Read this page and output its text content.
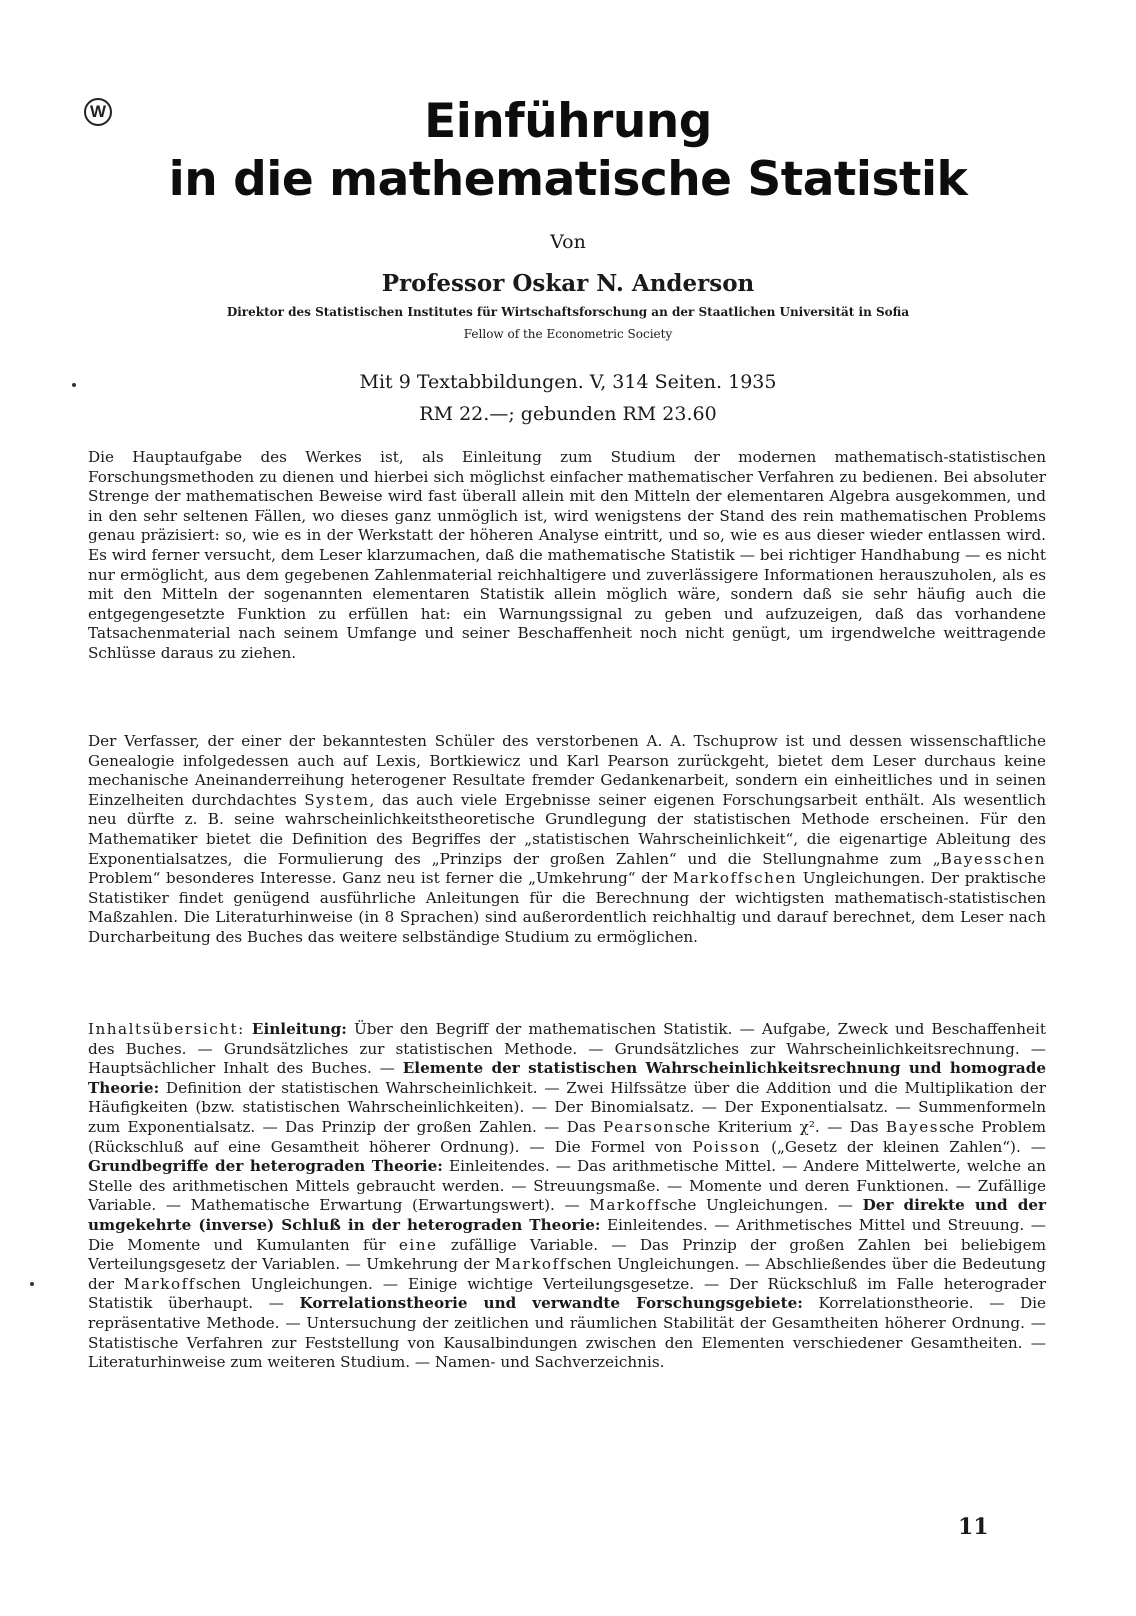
W	Einführung
in die mathematische Statistik
Von
Professor Oskar N. Anderson
Direktor des Statistischen Institutes für Wirtschaftsforschung an der Staatlichen Universität in Sofia
Fellow of the Econometric Society
Mit 9 Textabbildungen. V, 314 Seiten. 1935
RM 22.—; gebunden RM 23.60

Die Hauptaufgabe des Werkes ist, als Einleitung zum Studium der modernen mathematisch-statistischen Forschungsmethoden zu dienen und hierbei sich möglichst einfacher mathematischer Verfahren zu bedienen. Bei absoluter Strenge der mathematischen Beweise wird fast überall allein mit den Mitteln der elementaren Algebra ausgekommen, und in den sehr seltenen Fällen, wo dieses ganz unmöglich ist, wird wenigstens der Stand des rein mathematischen Problems genau präzisiert: so, wie es in der Werkstatt der höheren Analyse eintritt, und so, wie es aus dieser wieder entlassen wird. Es wird ferner versucht, dem Leser klarzumachen, daß die mathematische Statistik — bei richtiger Handhabung — es nicht nur ermöglicht, aus dem gegebenen Zahlenmaterial reichhaltigere und zuverlässigere Informationen herauszuholen, als es mit den Mitteln der sogenannten elementaren Statistik allein möglich wäre, sondern daß sie sehr häufig auch die entgegengesetzte Funktion zu erfüllen hat: ein Warnungssignal zu geben und aufzuzeigen, daß das vorhandene Tatsachenmaterial nach seinem Umfange und seiner Beschaffenheit noch nicht genügt, um irgendwelche weittragende Schlüsse daraus zu ziehen.

Der Verfasser, der einer der bekanntesten Schüler des verstorbenen A. A. Tschuprow ist und dessen wissenschaftliche Genealogie infolgedessen auch auf Lexis, Bortkiewicz und Karl Pearson zurückgeht, bietet dem Leser durchaus keine mechanische Aneinanderreihung heterogener Resultate fremder Gedankenarbeit, sondern ein einheitliches und in seinen Einzelheiten durchdachtes System, das auch viele Ergebnisse seiner eigenen Forschungsarbeit enthält. Als wesentlich neu dürfte z. B. seine wahrscheinlichkeitstheoretische Grundlegung der statistischen Methode erscheinen. Für den Mathematiker bietet die Definition des Begriffes der „statistischen Wahrscheinlichkeit“, die eigenartige Ableitung des Exponentialsatzes, die Formulierung des „Prinzips der großen Zahlen“ und die Stellungnahme zum „Bayesschen Problem“ besonderes Interesse. Ganz neu ist ferner die „Umkehrung“ der Markoffschen Ungleichungen. Der praktische Statistiker findet genügend ausführliche Anleitungen für die Berechnung der wichtigsten mathematisch-statistischen Maßzahlen. Die Literaturhinweise (in 8 Sprachen) sind außerordentlich reichhaltig und darauf berechnet, dem Leser nach Durcharbeitung des Buches das weitere selbständige Studium zu ermöglichen.

Inhaltsübersicht: Einleitung: Über den Begriff der mathematischen Statistik. — Aufgabe, Zweck und Beschaffenheit des Buches. — Grundsätzliches zur statistischen Methode. — Grundsätzliches zur Wahrscheinlichkeitsrechnung. — Hauptsächlicher Inhalt des Buches. — Elemente der statistischen Wahrscheinlichkeitsrechnung und homograde Theorie: Definition der statistischen Wahrscheinlichkeit. — Zwei Hilfssätze über die Addition und die Multiplikation der Häufigkeiten (bzw. statistischen Wahrscheinlichkeiten). — Der Binomialsatz. — Der Exponentialsatz. — Summenformeln zum Exponentialsatz. — Das Prinzip der großen Zahlen. — Das Pearsonsche Kriterium χ². — Das Bayessche Problem (Rückschluß auf eine Gesamtheit höherer Ordnung). — Die Formel von Poisson („Gesetz der kleinen Zahlen“). — Grundbegriffe der heterograden Theorie: Einleitendes. — Das arithmetische Mittel. — Andere Mittelwerte, welche an Stelle des arithmetischen Mittels gebraucht werden. — Streuungsmaße. — Momente und deren Funktionen. — Zufällige Variable. — Mathematische Erwartung (Erwartungswert). — Markoffsche Ungleichungen. — Der direkte und der umgekehrte (inverse) Schluß in der heterograden Theorie: Einleitendes. — Arithmetisches Mittel und Streuung. — Die Momente und Kumulanten für eine zufällige Variable. — Das Prinzip der großen Zahlen bei beliebigem Verteilungsgesetz der Variablen. — Umkehrung der Markoffschen Ungleichungen. — Abschließendes über die Bedeutung der Markoffschen Ungleichungen. — Einige wichtige Verteilungsgesetze. — Der Rückschluß im Falle heterograder Statistik überhaupt. — Korrelationstheorie und verwandte Forschungsgebiete: Korrelationstheorie. — Die repräsentative Methode. — Untersuchung der zeitlichen und räumlichen Stabilität der Gesamtheiten höherer Ordnung. — Statistische Verfahren zur Feststellung von Kausalbindungen zwischen den Elementen verschiedener Gesamtheiten. — Literaturhinweise zum weiteren Studium. — Namen- und Sachverzeichnis.

11
